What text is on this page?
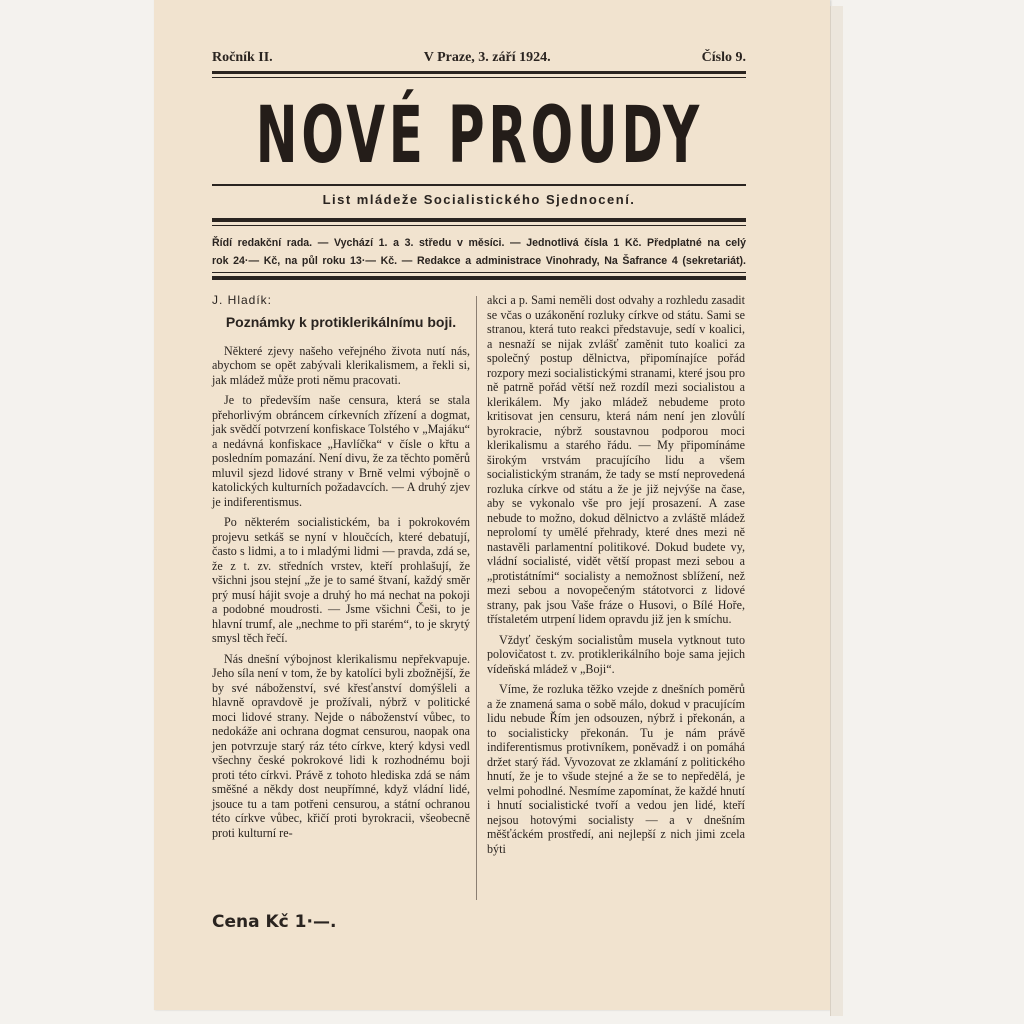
Ročník II.	V Praze, 3. září 1924.	Číslo 9.
NOVÉ PROUDY
List mládeže Socialistického Sjednocení.
Řídí redakční rada. — Vychází 1. a 3. středu v měsíci. — Jednotlivá čísla 1 Kč. Předplatné na celý
rok 24·— Kč, na půl roku 13·— Kč. — Redakce a administrace Vinohrady, Na Šafrance 4 (sekretariát).
J. Hladík:
Poznámky k protiklerikálnímu boji.

Některé zjevy našeho veřejného života nutí nás, abychom se opět zabývali klerikalismem, a řekli si, jak mládež může proti němu pracovati.

Je to především naše censura, která se stala přehorlivým obráncem církevních zřízení a dogmat, jak svědčí potvrzení konfiskace Tolstého v „Majáku“ a nedávná konfiskace „Havlíčka“ v čísle o křtu a posledním pomazání. Není divu, že za těchto poměrů mluvil sjezd lidové strany v Brně velmi výbojně o katolických kulturních požadavcích. — A druhý zjev je indiferentismus.

Po některém socialistickém, ba i pokrokovém projevu setkáš se nyní v hloučcích, které debatují, často s lidmi, a to i mladými lidmi — pravda, zdá se, že z t. zv. středních vrstev, kteří prohlašují, že všichni jsou stejní „že je to samé štvaní, každý směr prý musí hájit svoje a druhý ho má nechat na pokoji a podobné moudrosti. — Jsme všichni Češi, to je hlavní trumf, ale „nechme to při starém“, to je skrytý smysl těch řečí.

Nás dnešní výbojnost klerikalismu nepřekvapuje. Jeho síla není v tom, že by katolíci byli zbožnější, že by své náboženství, své křesťanství domýšleli a hlavně opravdově je prožívali, nýbrž v politické moci lidové strany. Nejde o náboženství vůbec, to nedokáže ani ochrana dogmat censurou, naopak ona jen potvrzuje starý ráz této církve, který kdysi vedl všechny české pokrokové lidi k rozhodnému boji proti této církvi. Právě z tohoto hlediska zdá se nám směšné a někdy dost neupřímné, když vládní lidé, jsouce tu a tam potřeni censurou, a státní ochranou této církve vůbec, křičí proti byrokracii, všeobecně proti kulturní re-

akci a p. Sami neměli dost odvahy a rozhledu zasadit se včas o uzákonění rozluky církve od státu. Sami se stranou, která tuto reakci představuje, sedí v koalici, a nesnaží se nijak zvlášť zaměnit tuto koalici za společný postup dělnictva, připomínajíce pořád rozpory mezi socialistickými stranami, které jsou pro ně patrně pořád větší než rozdíl mezi socialistou a klerikálem. My jako mládež nebudeme proto kritisovat jen censuru, která nám není jen zlovůlí byrokracie, nýbrž soustavnou podporou moci klerikalismu a starého řádu. — My připomínáme širokým vrstvám pracujícího lidu a všem socialistickým stranám, že tady se mstí neprovedená rozluka církve od státu a že je již nejvýše na čase, aby se vykonalo vše pro její prosazení. A zase nebude to možno, dokud dělnictvo a zvláště mládež neprolomí ty umělé přehrady, které dnes mezi ně nastavěli parlamentní politikové. Dokud budete vy, vládní socialisté, vidět větší propast mezi sebou a „protistátními“ socialisty a nemožnost sblížení, než mezi sebou a novopečeným státotvorci z lidové strany, pak jsou Vaše fráze o Husovi, o Bílé Hoře, třístaletém utrpení lidem opravdu již jen k smíchu.

Vždyť českým socialistům musela vytknout tuto polovičatost t. zv. protiklerikálního boje sama jejich vídeňská mládež v „Boji“.

Víme, že rozluka těžko vzejde z dnešních poměrů a že znamená sama o sobě málo, dokud v pracujícím lidu nebude Řím jen odsouzen, nýbrž i překonán, a to socialisticky překonán. Tu je nám právě indiferentismus protivníkem, poněvadž i on pomáhá držet starý řád. Vyvozovat ze zklamání z politického hnutí, že je to všude stejné a že se to nepředělá, je velmi pohodlné. Nesmíme zapomínat, že každé hnutí i hnutí socialistické tvoří a vedou jen lidé, kteří nejsou hotovými socialisty — a v dnešním měšťáckém prostředí, ani nejlepší z nich jimi zcela býti

Cena Kč 1·—.
